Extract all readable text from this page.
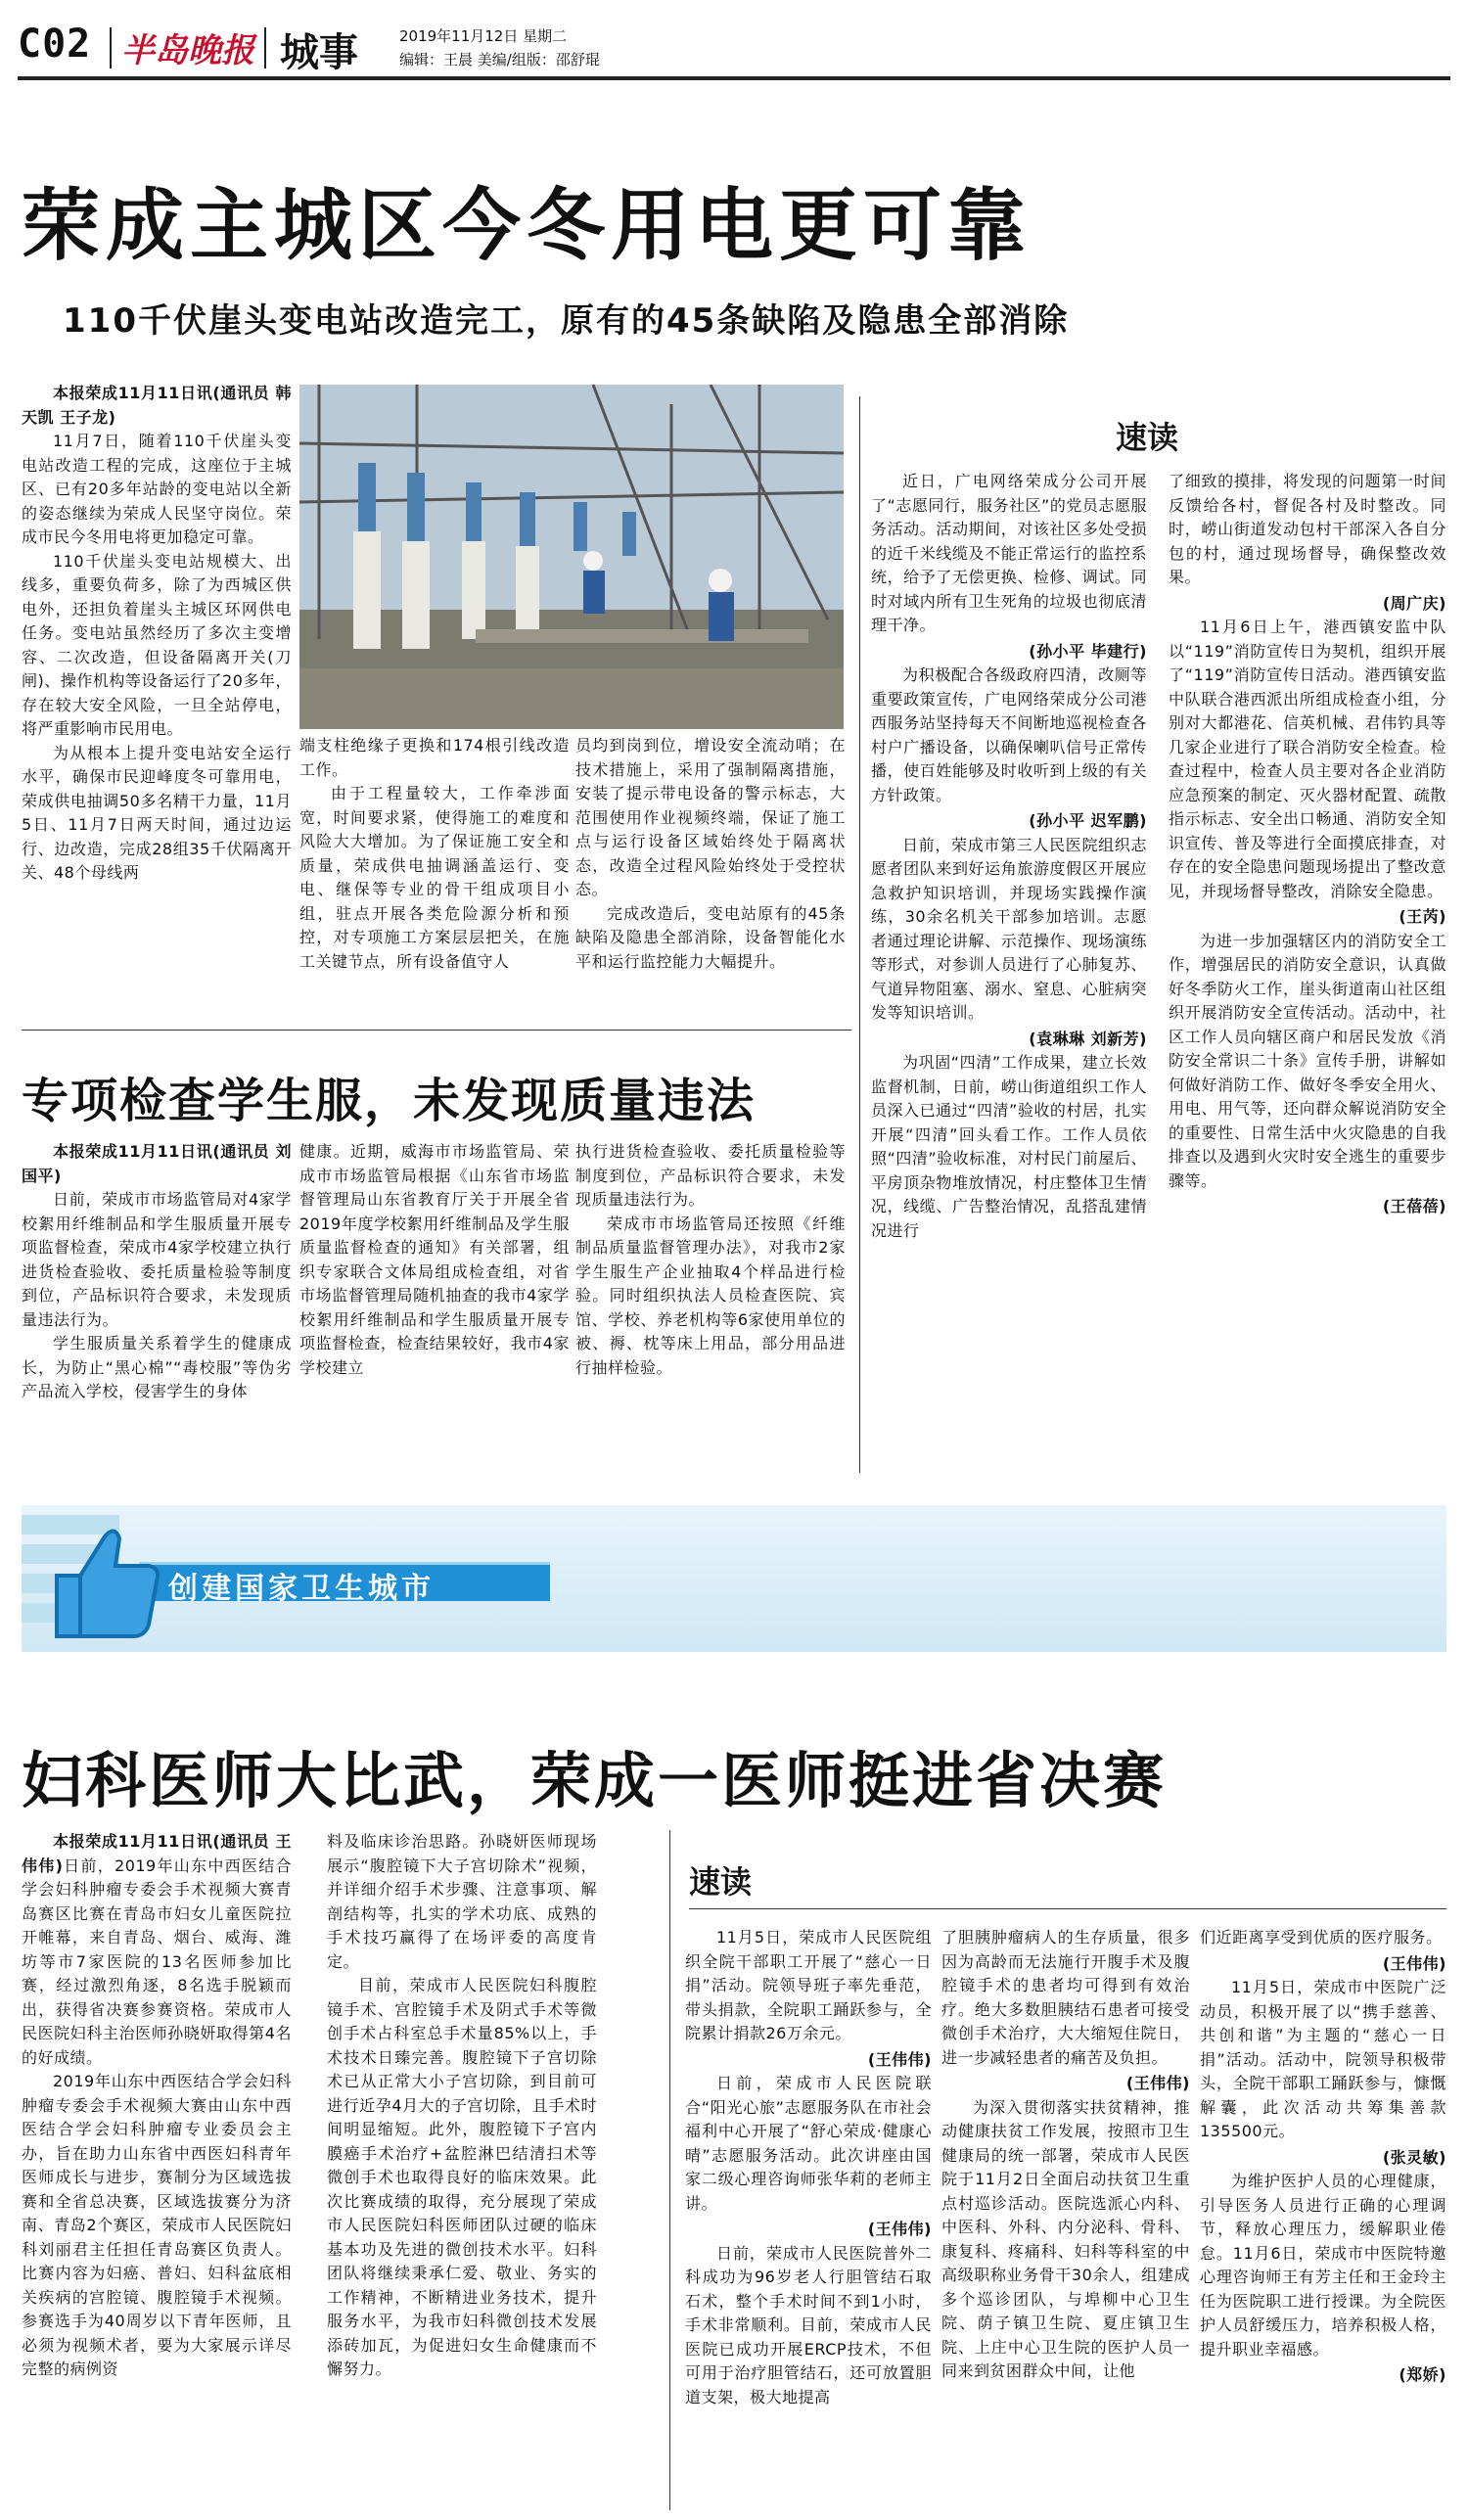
C02 半岛晚报 城事	2019年11月12日 星期二
编辑：王晨 美编/组版：邵舒琨
荣成主城区今冬用电更可靠
110千伏崖头变电站改造完工，原有的45条缺陷及隐患全部消除

本报荣成11月11日讯(通讯员 韩天凯 王子龙)

11月7日，随着110千伏崖头变电站改造工程的完成，这座位于主城区、已有20多年站龄的变电站以全新的姿态继续为荣成人民坚守岗位。荣成市民今冬用电将更加稳定可靠。

110千伏崖头变电站规模大、出线多，重要负荷多，除了为西城区供电外，还担负着崖头主城区环网供电任务。变电站虽然经历了多次主变增容、二次改造，但设备隔离开关(刀闸)、操作机构等设备运行了20多年，存在较大安全风险，一旦全站停电，将严重影响市民用电。

为从根本上提升变电站安全运行水平，确保市民迎峰度冬可靠用电，荣成供电抽调50多名精干力量，11月5日、11月7日两天时间，通过边运行、边改造，完成28组35千伏隔离开关、48个母线两

端支柱绝缘子更换和174根引线改造工作。

由于工程量较大，工作牵涉面宽，时间要求紧，使得施工的难度和风险大大增加。为了保证施工安全和质量，荣成供电抽调涵盖运行、变电、继保等专业的骨干组成项目小组，驻点开展各类危险源分析和预控，对专项施工方案层层把关，在施工关键节点，所有设备值守人

员均到岗到位，增设安全流动哨；在技术措施上，采用了强制隔离措施，安装了提示带电设备的警示标志，大范围使用作业视频终端，保证了施工点与运行设备区域始终处于隔离状态，改造全过程风险始终处于受控状态。

完成改造后，变电站原有的45条缺陷及隐患全部消除，设备智能化水平和运行监控能力大幅提升。

专项检查学生服，未发现质量违法

本报荣成11月11日讯(通讯员 刘国平)

日前，荣成市市场监管局对4家学校絮用纤维制品和学生服质量开展专项监督检查，荣成市4家学校建立执行进货检查验收、委托质量检验等制度到位，产品标识符合要求，未发现质量违法行为。

学生服质量关系着学生的健康成长，为防止“黑心棉”“毒校服”等伪劣产品流入学校，侵害学生的身体

健康。近期，威海市市场监管局、荣成市市场监管局根据《山东省市场监督管理局山东省教育厅关于开展全省2019年度学校絮用纤维制品及学生服质量监督检查的通知》有关部署，组织专家联合文体局组成检查组，对省市场监督管理局随机抽查的我市4家学校絮用纤维制品和学生服质量开展专项监督检查，检查结果较好，我市4家学校建立

执行进货检查验收、委托质量检验等制度到位，产品标识符合要求，未发现质量违法行为。

荣成市市场监管局还按照《纤维制品质量监督管理办法》，对我市2家学生服生产企业抽取4个样品进行检验。同时组织执法人员检查医院、宾馆、学校、养老机构等6家使用单位的被、褥、枕等床上用品，部分用品进行抽样检验。

速读

近日，广电网络荣成分公司开展了“志愿同行，服务社区”的党员志愿服务活动。活动期间，对该社区多处受损的近千米线缆及不能正常运行的监控系统，给予了无偿更换、检修、调试。同时对域内所有卫生死角的垃圾也彻底清理干净。

(孙小平 毕建行)

为积极配合各级政府四清，改厕等重要政策宣传，广电网络荣成分公司港西服务站坚持每天不间断地巡视检查各村户广播设备，以确保喇叭信号正常传播，使百姓能够及时收听到上级的有关方针政策。

(孙小平 迟军鹏)

日前，荣成市第三人民医院组织志愿者团队来到好运角旅游度假区开展应急救护知识培训，并现场实践操作演练，30余名机关干部参加培训。志愿者通过理论讲解、示范操作、现场演练等形式，对参训人员进行了心肺复苏、气道异物阻塞、溺水、窒息、心脏病突发等知识培训。

(袁琳琳 刘新芳)

为巩固“四清”工作成果，建立长效监督机制，日前，崂山街道组织工作人员深入已通过“四清”验收的村居，扎实开展“四清”回头看工作。工作人员依照“四清”验收标准，对村民门前屋后、平房顶杂物堆放情况，村庄整体卫生情况，线缆、广告整治情况，乱搭乱建情况进行

了细致的摸排，将发现的问题第一时间反馈给各村，督促各村及时整改。同时，崂山街道发动包村干部深入各自分包的村，通过现场督导，确保整改效果。

(周广庆)

11月6日上午，港西镇安监中队以“119”消防宣传日为契机，组织开展了“119”消防宣传日活动。港西镇安监中队联合港西派出所组成检查小组，分别对大都港花、信英机械、君伟钓具等几家企业进行了联合消防安全检查。检查过程中，检查人员主要对各企业消防应急预案的制定、灭火器材配置、疏散指示标志、安全出口畅通、消防安全知识宣传、普及等进行全面摸底排查，对存在的安全隐患问题现场提出了整改意见，并现场督导整改，消除安全隐患。

(王芮)

为进一步加强辖区内的消防安全工作，增强居民的消防安全意识，认真做好冬季防火工作，崖头街道南山社区组织开展消防安全宣传活动。活动中，社区工作人员向辖区商户和居民发放《消防安全常识二十条》宣传手册，讲解如何做好消防工作、做好冬季安全用火、用电、用气等，还向群众解说消防安全的重要性、日常生活中火灾隐患的自我排查以及遇到火灾时安全逃生的重要步骤等。

(王蓓蓓)

创建国家卫生城市
妇科医师大比武，荣成一医师挺进省决赛

本报荣成11月11日讯(通讯员 王伟伟)日前，2019年山东中西医结合学会妇科肿瘤专委会手术视频大赛青岛赛区比赛在青岛市妇女儿童医院拉开帷幕，来自青岛、烟台、威海、潍坊等市7家医院的13名医师参加比赛，经过激烈角逐，8名选手脱颖而出，获得省决赛参赛资格。荣成市人民医院妇科主治医师孙晓妍取得第4名的好成绩。

2019年山东中西医结合学会妇科肿瘤专委会手术视频大赛由山东中西医结合学会妇科肿瘤专业委员会主办，旨在助力山东省中西医妇科青年医师成长与进步，赛制分为区域选拔赛和全省总决赛，区域选拔赛分为济南、青岛2个赛区，荣成市人民医院妇科刘丽君主任担任青岛赛区负责人。比赛内容为妇癌、普妇、妇科盆底相关疾病的宫腔镜、腹腔镜手术视频。参赛选手为40周岁以下青年医师，且必须为视频术者，要为大家展示详尽完整的病例资

料及临床诊治思路。孙晓妍医师现场展示“腹腔镜下大子宫切除术”视频，并详细介绍手术步骤、注意事项、解剖结构等，扎实的学术功底、成熟的手术技巧赢得了在场评委的高度肯定。

目前，荣成市人民医院妇科腹腔镜手术、宫腔镜手术及阴式手术等微创手术占科室总手术量85%以上，手术技术日臻完善。腹腔镜下子宫切除术已从正常大小子宫切除，到目前可进行近孕4月大的子宫切除，且手术时间明显缩短。此外，腹腔镜下子宫内膜癌手术治疗+盆腔淋巴结清扫术等微创手术也取得良好的临床效果。此次比赛成绩的取得，充分展现了荣成市人民医院妇科医师团队过硬的临床基本功及先进的微创技术水平。妇科团队将继续秉承仁爱、敬业、务实的工作精神，不断精进业务技术，提升服务水平，为我市妇科微创技术发展添砖加瓦，为促进妇女生命健康而不懈努力。

速读

11月5日，荣成市人民医院组织全院干部职工开展了“慈心一日捐”活动。院领导班子率先垂范，带头捐款，全院职工踊跃参与，全院累计捐款26万余元。

(王伟伟)

日前，荣成市人民医院联合“阳光心旅”志愿服务队在市社会福利中心开展了“舒心荣成·健康心晴”志愿服务活动。此次讲座由国家二级心理咨询师张华莉的老师主讲。

(王伟伟)

日前，荣成市人民医院普外二科成功为96岁老人行胆管结石取石术，整个手术时间不到1小时，手术非常顺利。目前，荣成市人民医院已成功开展ERCP技术，不但可用于治疗胆管结石，还可放置胆道支架，极大地提高

了胆胰肿瘤病人的生存质量，很多因为高龄而无法施行开腹手术及腹腔镜手术的患者均可得到有效治疗。绝大多数胆胰结石患者可接受微创手术治疗，大大缩短住院日，进一步减轻患者的痛苦及负担。

(王伟伟)

为深入贯彻落实扶贫精神，推动健康扶贫工作发展，按照市卫生健康局的统一部署，荣成市人民医院于11月2日全面启动扶贫卫生重点村巡诊活动。医院选派心内科、中医科、外科、内分泌科、骨科、康复科、疼痛科、妇科等科室的中高级职称业务骨干30余人，组建成多个巡诊团队，与埠柳中心卫生院、荫子镇卫生院、夏庄镇卫生院、上庄中心卫生院的医护人员一同来到贫困群众中间，让他

们近距离享受到优质的医疗服务。

(王伟伟)

11月5日，荣成市中医院广泛动员，积极开展了以“携手慈善、共创和谐”为主题的“慈心一日捐”活动。活动中，院领导积极带头，全院干部职工踊跃参与，慷慨解囊，此次活动共筹集善款135500元。

(张灵敏)

为维护医护人员的心理健康，引导医务人员进行正确的心理调节，释放心理压力，缓解职业倦怠。11月6日，荣成市中医院特邀心理咨询师王有芳主任和王金玲主任为医院职工进行授课。为全院医护人员舒缓压力，培养积极人格，提升职业幸福感。

(郑娇)
